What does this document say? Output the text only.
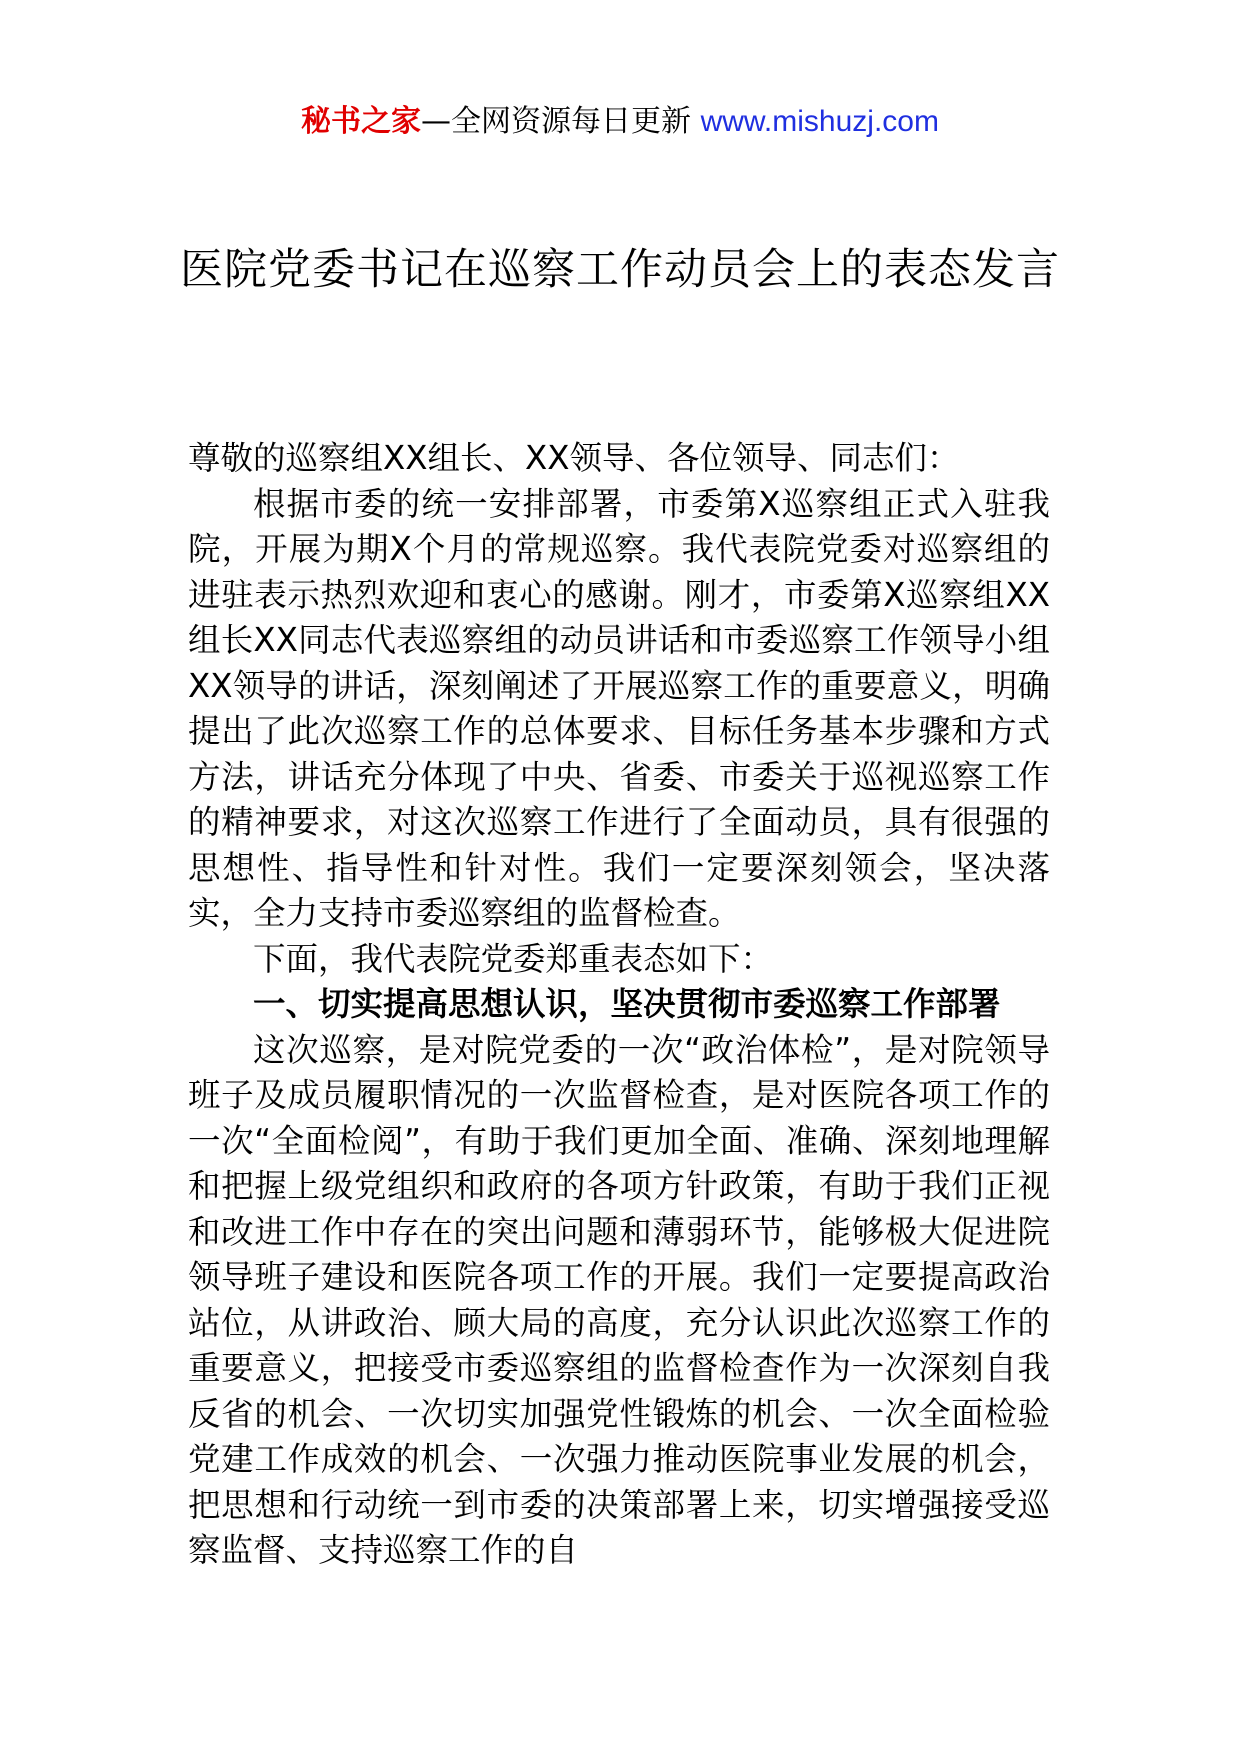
秘书之家—全网资源每日更新 www.mishuzj.com
医院党委书记在巡察工作动员会上的表态发言

尊敬的巡察组XX组长、XX领导、各位领导、同志们：

根据市委的统一安排部署，市委第X巡察组正式入驻我院，开展为期X个月的常规巡察。我代表院党委对巡察组的进驻表示热烈欢迎和衷心的感谢。刚才，市委第X巡察组XX组长XX同志代表巡察组的动员讲话和市委巡察工作领导小组XX领导的讲话，深刻阐述了开展巡察工作的重要意义，明确提出了此次巡察工作的总体要求、目标任务基本步骤和方式方法，讲话充分体现了中央、省委、市委关于巡视巡察工作的精神要求，对这次巡察工作进行了全面动员，具有很强的思想性、指导性和针对性。我们一定要深刻领会，坚决落实，全力支持市委巡察组的监督检查。

下面，我代表院党委郑重表态如下：

一、切实提高思想认识，坚决贯彻市委巡察工作部署

这次巡察，是对院党委的一次“政治体检”，是对院领导班子及成员履职情况的一次监督检查，是对医院各项工作的一次“全面检阅”，有助于我们更加全面、准确、深刻地理解和把握上级党组织和政府的各项方针政策，有助于我们正视和改进工作中存在的突出问题和薄弱环节，能够极大促进院领导班子建设和医院各项工作的开展。我们一定要提高政治站位，从讲政治、顾大局的高度，充分认识此次巡察工作的重要意义，把接受市委巡察组的监督检查作为一次深刻自我反省的机会、一次切实加强党性锻炼的机会、一次全面检验党建工作成效的机会、一次强力推动医院事业发展的机会，把思想和行动统一到市委的决策部署上来，切实增强接受巡察监督、支持巡察工作的自
